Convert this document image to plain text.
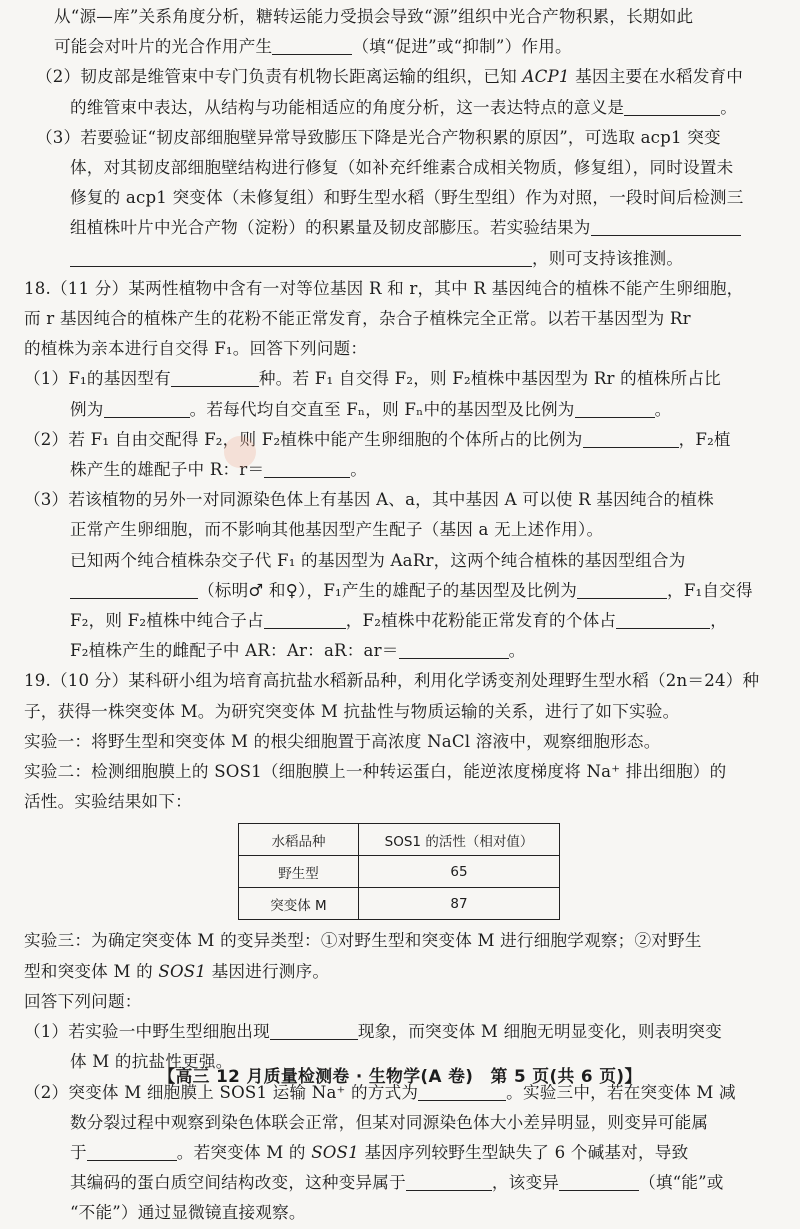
从“源—库”关系角度分析，糖转运能力受损会导致“源”组织中光合产物积累，长期如此
可能会对叶片的光合作用产生	（填“促进”或“抑制”）作用。
（2）韧皮部是维管束中专门负责有机物长距离运输的组织，已知 ACP1 基因主要在水稻发育中
的维管束中表达，从结构与功能相适应的角度分析，这一表达特点的意义是	。
（3）若要验证“韧皮部细胞壁异常导致膨压下降是光合产物积累的原因”，可选取 acp1 突变
体，对其韧皮部细胞壁结构进行修复（如补充纤维素合成相关物质，修复组），同时设置未
修复的 acp1 突变体（未修复组）和野生型水稻（野生型组）作为对照，一段时间后检测三
组植株叶片中光合产物（淀粉）的积累量及韧皮部膨压。若实验结果为
，则可支持该推测。
18.（11 分）某两性植物中含有一对等位基因 R 和 r，其中 R 基因纯合的植株不能产生卵细胞，
而 r 基因纯合的植株产生的花粉不能正常发育，杂合子植株完全正常。以若干基因型为 Rr
的植株为亲本进行自交得 F₁。回答下列问题：
（1）F₁的基因型有	种。若 F₁ 自交得 F₂，则 F₂植株中基因型为 Rr 的植株所占比
例为	。若每代均自交直至 Fₙ，则 Fₙ中的基因型及比例为	。
（2）若 F₁ 自由交配得 F₂，则 F₂植株中能产生卵细胞的个体所占的比例为	，F₂植
株产生的雄配子中 R：r＝	。
（3）若该植物的另外一对同源染色体上有基因 A、a，其中基因 A 可以使 R 基因纯合的植株
正常产生卵细胞，而不影响其他基因型产生配子（基因 a 无上述作用）。
已知两个纯合植株杂交子代 F₁ 的基因型为 AaRr，这两个纯合植株的基因型组合为
（标明♂ 和♀），F₁产生的雄配子的基因型及比例为	，F₁自交得
F₂，则 F₂植株中纯合子占	，F₂植株中花粉能正常发育的个体占	，
F₂植株产生的雌配子中 AR：Ar：aR：ar＝	。
19.（10 分）某科研小组为培育高抗盐水稻新品种，利用化学诱变剂处理野生型水稻（2n＝24）种
子，获得一株突变体 M。为研究突变体 M 抗盐性与物质运输的关系，进行了如下实验。
实验一：将野生型和突变体 M 的根尖细胞置于高浓度 NaCl 溶液中，观察细胞形态。
实验二：检测细胞膜上的 SOS1（细胞膜上一种转运蛋白，能逆浓度梯度将 Na⁺ 排出细胞）的
活性。实验结果如下：
水稻品种	SOS1 的活性（相对值）
野生型	65
突变体 M	87
实验三：为确定突变体 M 的变异类型：①对野生型和突变体 M 进行细胞学观察；②对野生
型和突变体 M 的 SOS1 基因进行测序。
回答下列问题：
（1）若实验一中野生型细胞出现	现象，而突变体 M 细胞无明显变化，则表明突变
体 M 的抗盐性更强。
（2）突变体 M 细胞膜上 SOS1 运输 Na⁺ 的方式为	。实验三中，若在突变体 M 减
数分裂过程中观察到染色体联会正常，但某对同源染色体大小差异明显，则变异可能属
于	。若突变体 M 的 SOS1 基因序列较野生型缺失了 6 个碱基对，导致
其编码的蛋白质空间结构改变，这种变异属于	，该变异	（填“能”或
“不能”）通过显微镜直接观察。
【高三 12 月质量检测卷 · 生物学(A 卷)　第 5 页(共 6 页)】
